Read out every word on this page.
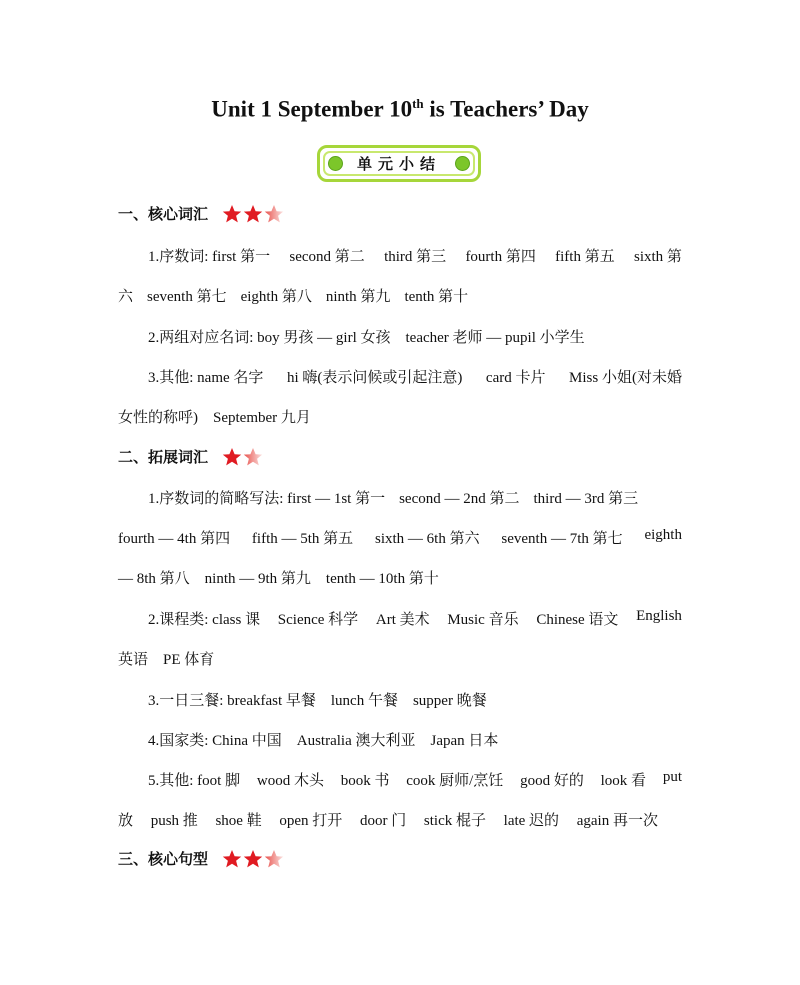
Unit 1 September 10th is Teachers’ Day
单元小结
一、核心词汇
1.序数词: first 第一 second 第二 third 第三 fourth 第四 fifth 第五 sixth 第
六 seventh 第七 eighth 第八 ninth 第九 tenth 第十
2.两组对应名词: boy 男孩 — girl 女孩　teacher 老师 — pupil 小学生
3.其他: name 名字 hi 嗨(表示问候或引起注意) card 卡片 Miss 小姐(对未婚
女性的称呼)　September 九月
二、拓展词汇
1.序数词的简略写法: first — 1st 第一 second — 2nd 第二 third — 3rd 第三
fourth — 4th 第四 fifth — 5th 第五 sixth — 6th 第六 seventh — 7th 第七 eighth
— 8th 第八　ninth — 9th 第九　tenth — 10th 第十
2.课程类: class 课 Science 科学 Art 美术 Music 音乐 Chinese 语文 English
英语　PE 体育
3.一日三餐: breakfast 早餐　lunch 午餐　supper 晚餐
4.国家类: China 中国　Australia 澳大利亚　Japan 日本
5.其他: foot 脚 wood 木头 book 书 cook 厨师/烹饪 good 好的 look 看 put
放 push 推 shoe 鞋 open 打开 door 门 stick 棍子 late 迟的 again 再一次
三、核心句型
